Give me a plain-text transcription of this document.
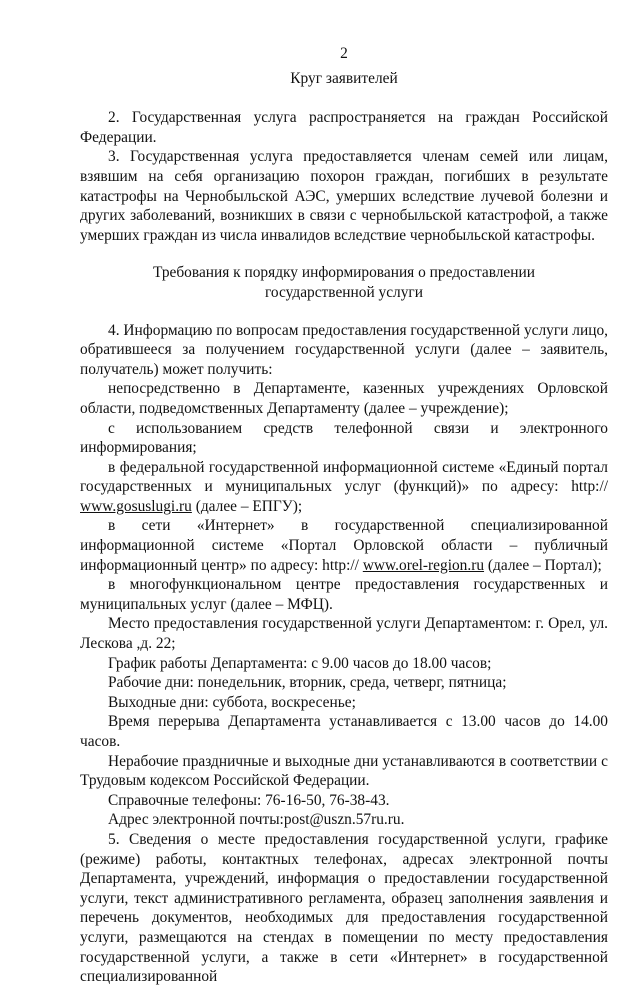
2
Круг заявителей

2. Государственная услуга распространяется на граждан Российской Федерации.

3. Государственная услуга предоставляется членам семей или лицам, взявшим на себя организацию похорон граждан, погибших в результате катастрофы на Чернобыльской АЭС, умерших вследствие лучевой болезни и других заболеваний, возникших в связи с чернобыльской катастрофой, а также умерших граждан из числа инвалидов вследствие чернобыльской катастрофы.

Требования к порядку информирования о предоставлении
государственной услуги

4. Информацию по вопросам предоставления государственной услуги лицо, обратившееся за получением государственной услуги (далее – заявитель, получатель) может получить:

непосредственно в Департаменте, казенных учреждениях Орловской области, подведомственных Департаменту (далее – учреждение);

с использованием средств телефонной связи и электронного информирования;

в федеральной государственной информационной системе «Единый портал государственных и муниципальных услуг (функций)» по адресу: http:// www.gosuslugi.ru (далее – ЕПГУ);

в сети «Интернет» в государственной специализированной информационной системе «Портал Орловской области – публичный информационный центр» по адресу: http:// www.orel-region.ru (далее – Портал);

в многофункциональном центре предоставления государственных и муниципальных услуг (далее – МФЦ).

Место предоставления государственной услуги Департаментом: г. Орел, ул. Лескова ,д. 22;

График работы Департамента: с 9.00 часов до 18.00 часов;

Рабочие дни: понедельник, вторник, среда, четверг, пятница;

Выходные дни: суббота, воскресенье;

Время перерыва Департамента устанавливается с 13.00 часов до 14.00 часов.

Нерабочие праздничные и выходные дни устанавливаются в соответствии с Трудовым кодексом Российской Федерации.

Справочные телефоны: 76-16-50, 76-38-43.

Адрес электронной почты:post@uszn.57ru.ru.

5. Сведения о месте предоставления государственной услуги, графике (режиме) работы, контактных телефонах, адресах электронной почты Департамента, учреждений, информация о предоставлении государственной услуги, текст административного регламента, образец заполнения заявления и перечень документов, необходимых для предоставления государственной услуги, размещаются на стендах в помещении по месту предоставления государственной услуги, а также в сети «Интернет» в государственной специализированной
